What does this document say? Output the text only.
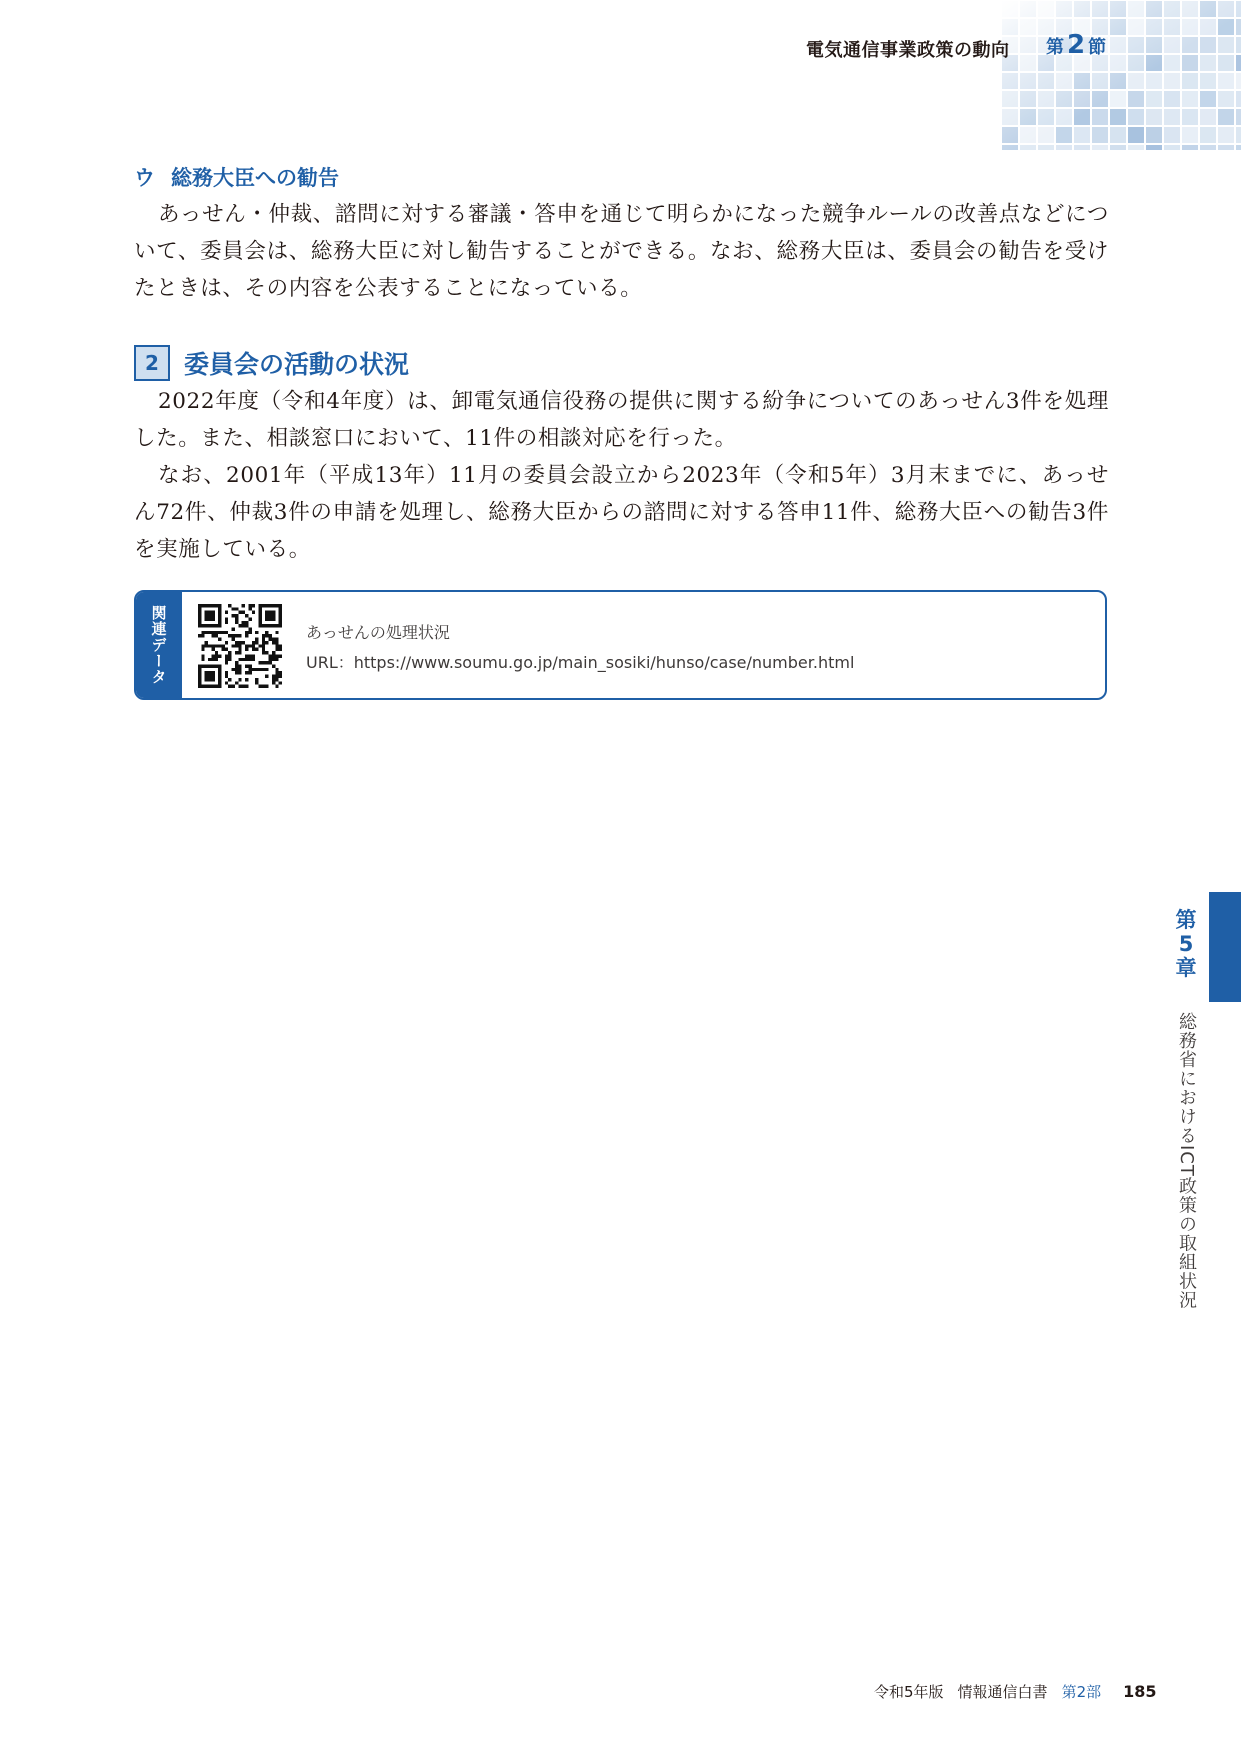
電気通信事業政策の動向 第 2 節
ウ 総務大臣への勧告

あっせん・仲裁、諮問に対する審議・答申を通じて明らかになった競争ルールの改善点などについて、委員会は、総務大臣に対し勧告することができる。なお、総務大臣は、委員会の勧告を受けたときは、その内容を公表することになっている。

2	委員会の活動の状況

2022年度（令和4年度）は、卸電気通信役務の提供に関する紛争についてのあっせん3件を処理した。また、相談窓口において、11件の相談対応を行った。

なお、2001年（平成13年）11月の委員会設立から2023年（令和5年）3月末までに、あっせん72件、仲裁3件の申請を処理し、総務大臣からの諮問に対する答申11件、総務大臣への勧告3件を実施している。

関連データ	あっせんの処理状況
URL：https://www.soumu.go.jp/main_sosiki/hunso/case/number.html
第
5
章
総務省におけるICT政策の取組状況
令和5年版 情報通信白書 第2部 185
